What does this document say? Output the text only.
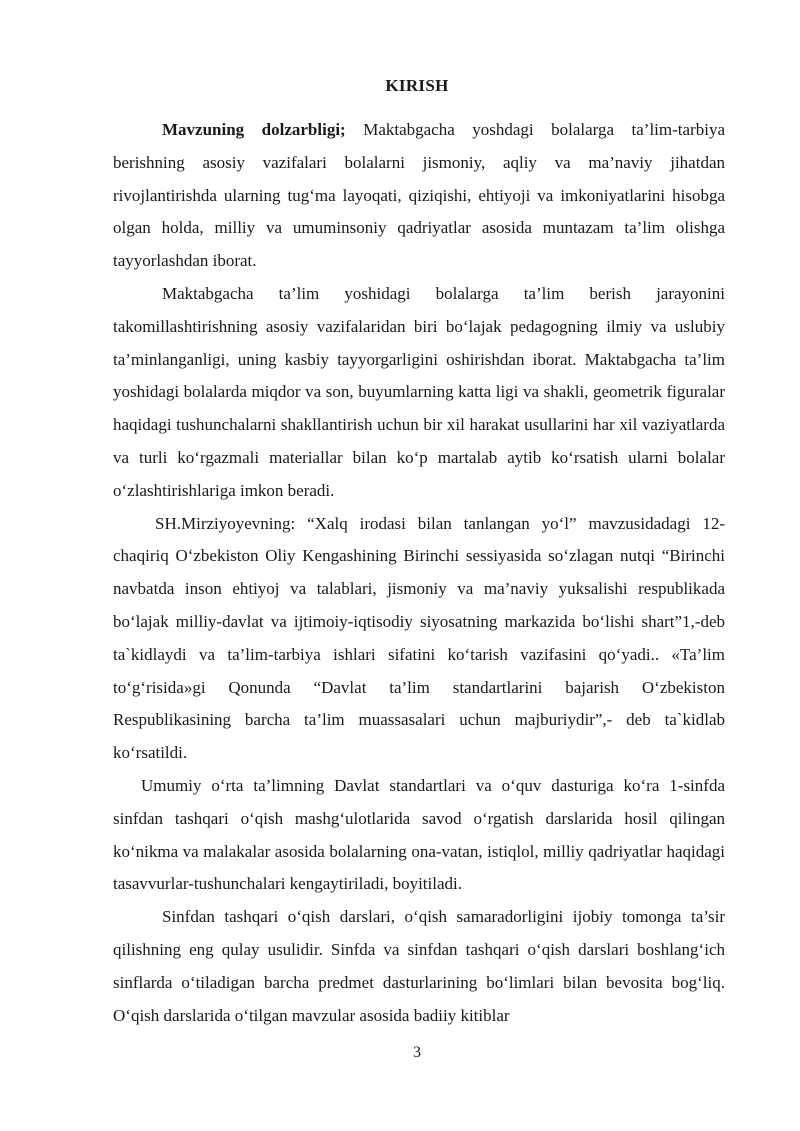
KIRISH

Mavzuning dolzarbligi; Maktabgacha yoshdagi bolalarga ta’lim-tarbiya berishning asosiy vazifalari bolalarni jismoniy, aqliy va ma’naviy jihatdan rivojlantirishda ularning tug‘ma layoqati, qiziqishi, ehtiyoji va imkoniyatlarini hisobga olgan holda, milliy va umuminsoniy qadriyatlar asosida muntazam ta’lim olishga tayyorlashdan iborat.

Maktabgacha ta’lim yoshidagi bolalarga ta’lim berish jarayonini takomillashtirishning asosiy vazifalaridan biri bo‘lajak pedagogning ilmiy va uslubiy ta’minlanganligi, uning kasbiy tayyorgarligini oshirishdan iborat. Maktabgacha ta’lim yoshidagi bolalarda miqdor va son, buyumlarning katta ligi va shakli, geometrik figuralar haqidagi tushunchalarni shakllantirish uchun bir xil harakat usullarini har xil vaziyatlarda va turli ko‘rgazmali materiallar bilan ko‘p martalab aytib ko‘rsatish ularni bolalar o‘zlashtirishlariga imkon beradi.

SH.Mirziyoyevning: “Xalq irodasi bilan tanlangan yo‘l” mavzusidadagi 12-chaqiriq O‘zbekiston Oliy Kengashining Birinchi sessiyasida so‘zlagan nutqi “Birinchi navbatda inson ehtiyoj va talablari, jismoniy va ma’naviy yuksalishi respublikada bo‘lajak milliy-davlat va ijtimoiy-iqtisodiy siyosatning markazida bo‘lishi shart”1,-deb ta`kidlaydi va ta’lim-tarbiya ishlari sifatini ko‘tarish vazifasini qo‘yadi.. «Ta’lim to‘g‘risida»gi Qonunda “Davlat ta’lim standartlarini bajarish O‘zbekiston Respublikasining barcha ta’lim muassasalari uchun majburiydir”,- deb ta`kidlab ko‘rsatildi.

Umumiy o‘rta ta’limning Davlat standartlari va o‘quv dasturiga ko‘ra 1-sinfda sinfdan tashqari o‘qish mashg‘ulotlarida savod o‘rgatish darslarida hosil qilingan ko‘nikma va malakalar asosida bolalarning ona-vatan, istiqlol, milliy qadriyatlar haqidagi tasavvurlar-tushunchalari kengaytiriladi, boyitiladi.

Sinfdan tashqari o‘qish darslari, o‘qish samaradorligini ijobiy tomonga ta’sir qilishning eng qulay usulidir. Sinfda va sinfdan tashqari o‘qish darslari boshlang‘ich sinflarda o‘tiladigan barcha predmet dasturlarining bo‘limlari bilan bevosita bog‘liq. O‘qish darslarida o‘tilgan mavzular asosida badiiy kitiblar

3
